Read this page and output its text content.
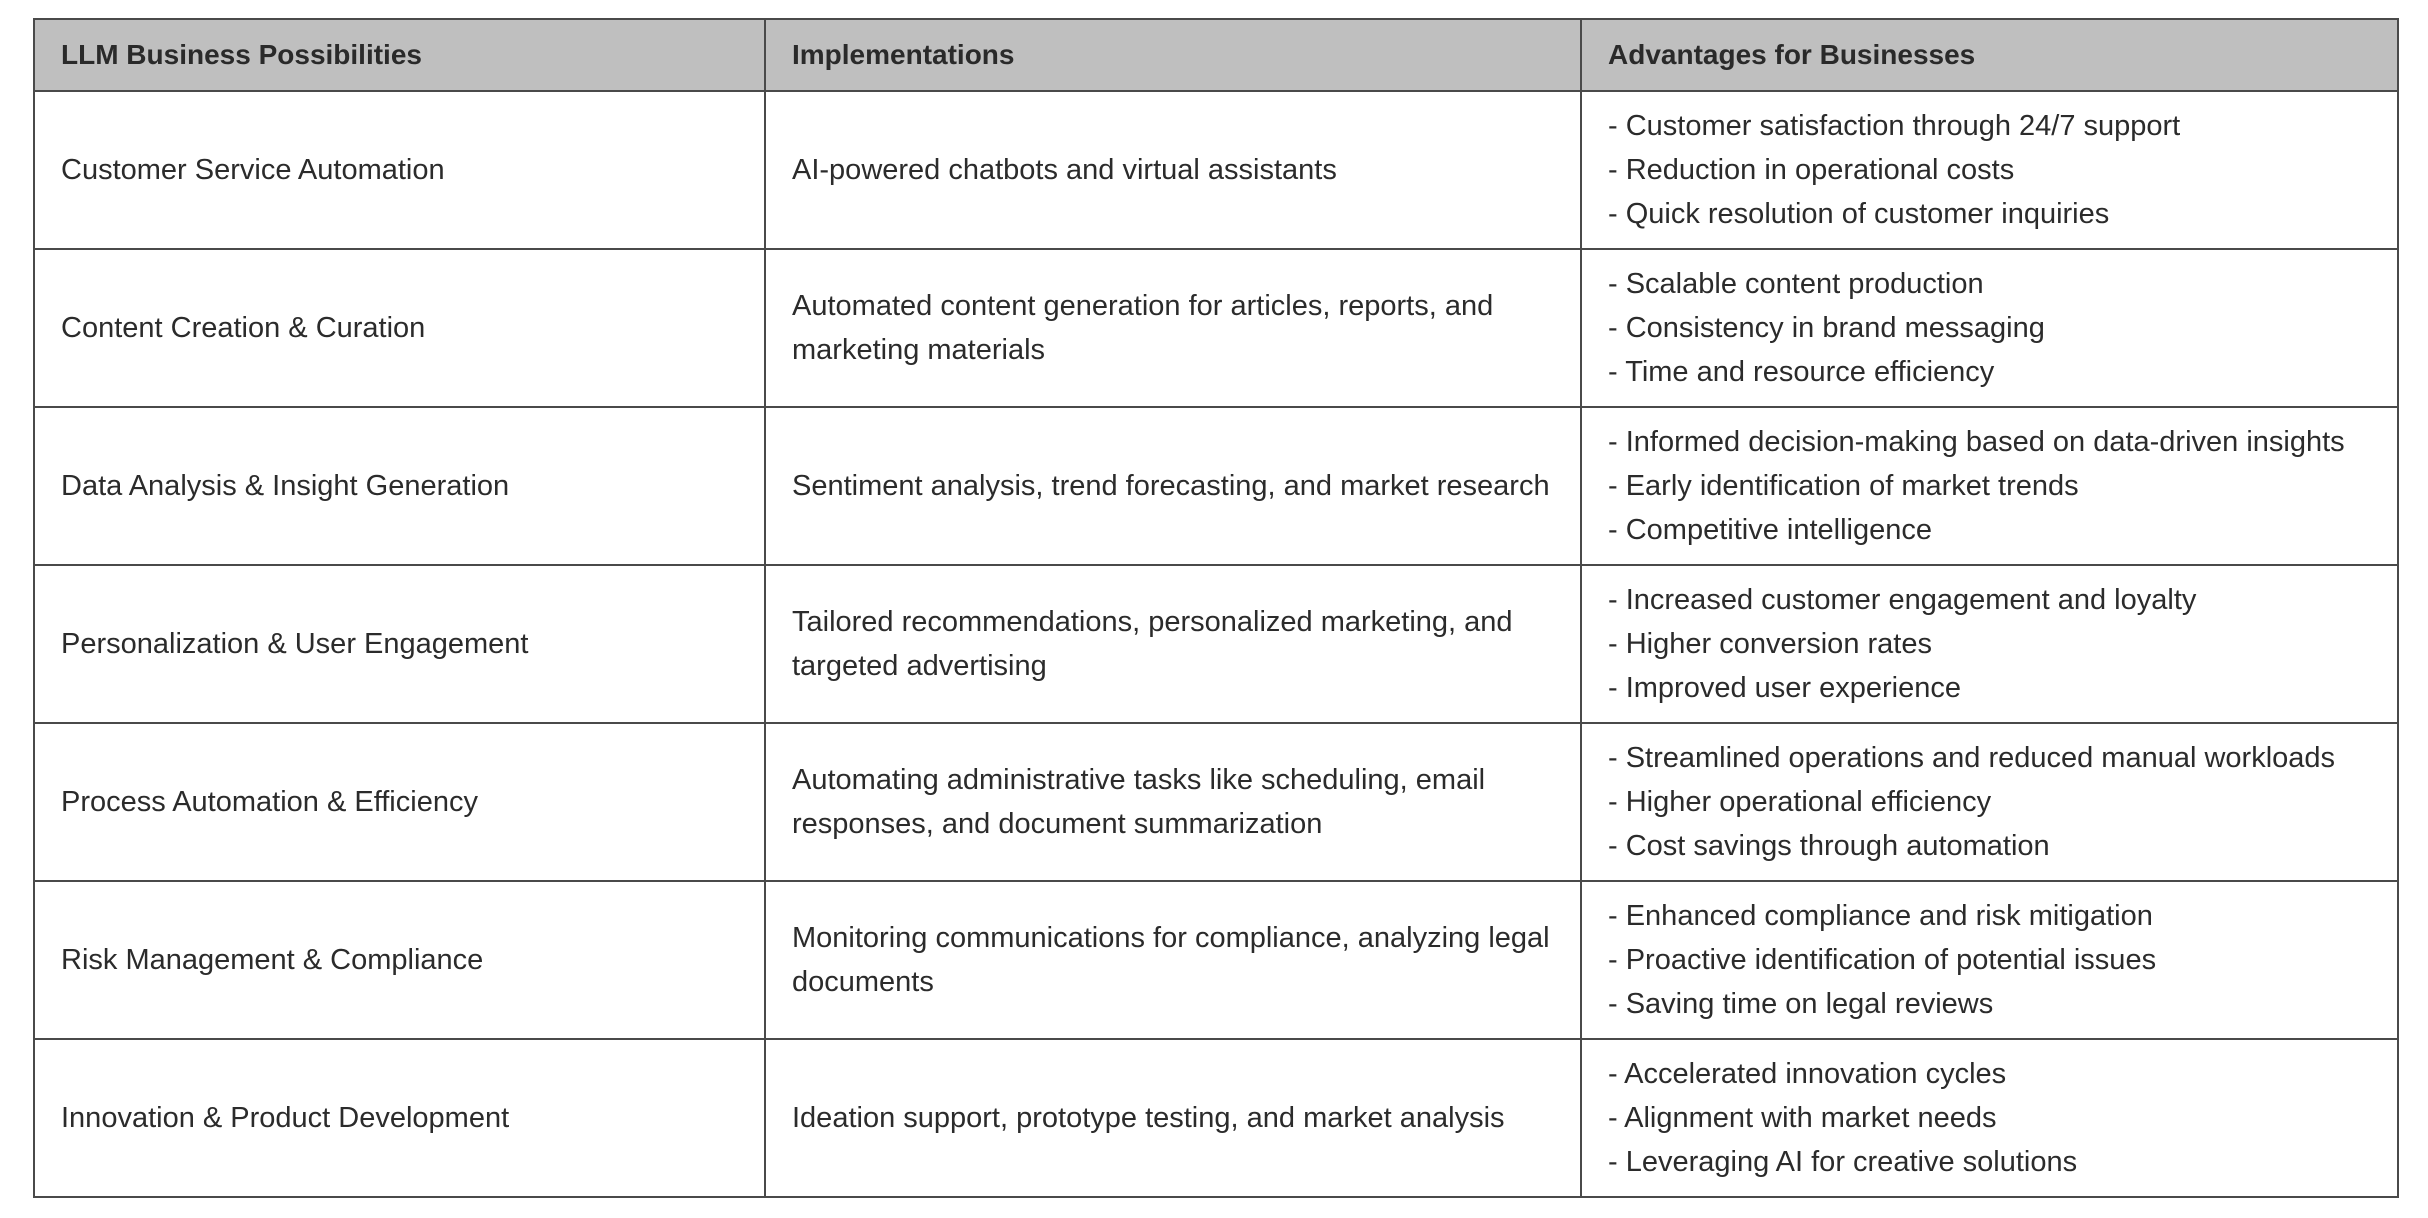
LLM Business Possibilities	Implementations	Advantages for Businesses
Customer Service Automation	AI-powered chatbots and virtual assistants	- Customer satisfaction through 24/7 support
- Reduction in operational costs
- Quick resolution of customer inquiries

Content Creation & Curation	Automated content generation for articles, reports, and marketing materials	- Scalable content production
- Consistency in brand messaging
- Time and resource efficiency

Data Analysis & Insight Generation	Sentiment analysis, trend forecasting, and market research	- Informed decision-making based on data-driven insights
- Early identification of market trends
- Competitive intelligence

Personalization & User Engagement	Tailored recommendations, personalized marketing, and targeted advertising	- Increased customer engagement and loyalty
- Higher conversion rates
- Improved user experience

Process Automation & Efficiency	Automating administrative tasks like scheduling, email responses, and document summarization	- Streamlined operations and reduced manual workloads
- Higher operational efficiency
- Cost savings through automation

Risk Management & Compliance	Monitoring communications for compliance, analyzing legal documents	- Enhanced compliance and risk mitigation
- Proactive identification of potential issues
- Saving time on legal reviews

Innovation & Product Development	Ideation support, prototype testing, and market analysis	- Accelerated innovation cycles
- Alignment with market needs
- Leveraging AI for creative solutions
